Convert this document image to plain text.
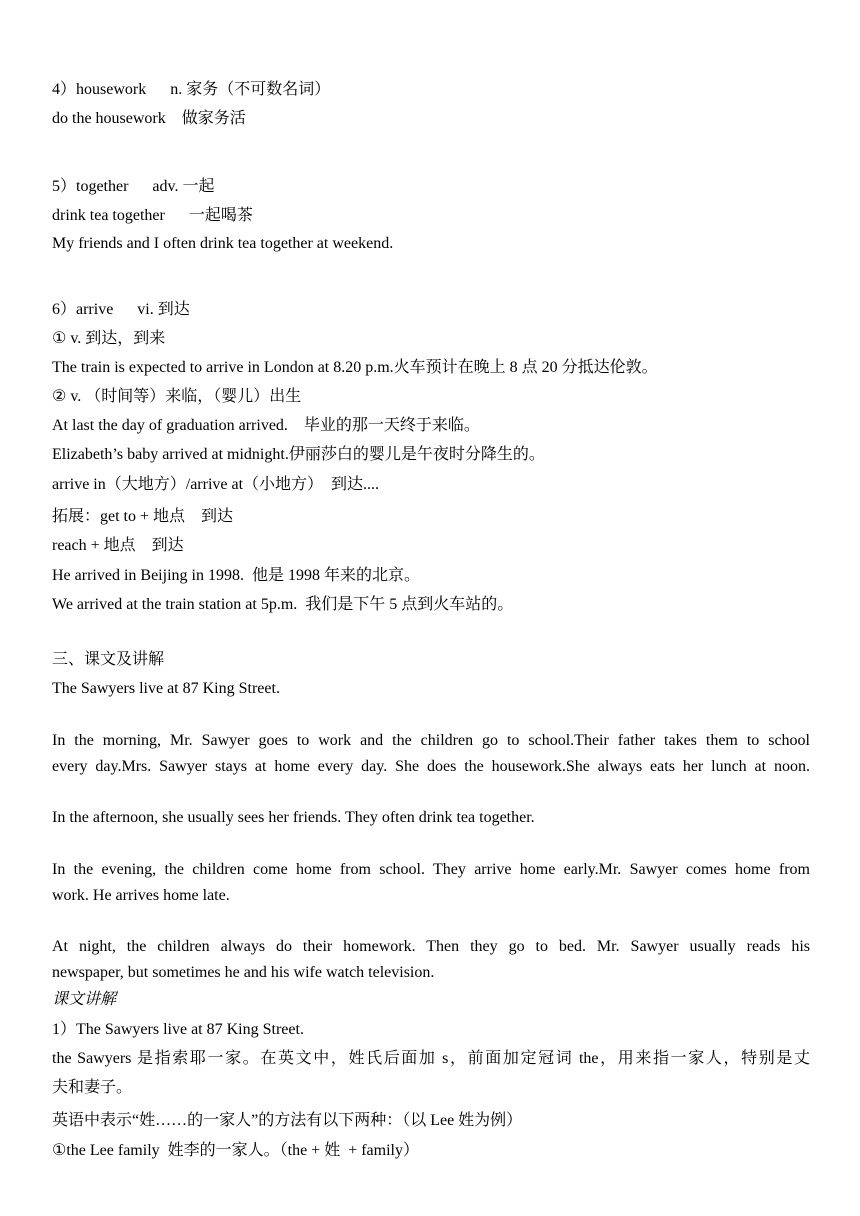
4）housework      n. 家务（不可数名词）
do the housework    做家务活
5）together      adv. 一起
drink tea together      一起喝茶
My friends and I often drink tea together at weekend.
6）arrive      vi. 到达
① v. 到达，到来
The train is expected to arrive in London at 8.20 p.m.火车预计在晚上 8 点 20 分抵达伦敦。
② v. （时间等）来临，（婴儿）出生
At last the day of graduation arrived.    毕业的那一天终于来临。
Elizabeth’s baby arrived at midnight.伊丽莎白的婴儿是午夜时分降生的。
arrive in（大地方）/arrive at（小地方）  到达....
拓展：get to + 地点    到达
reach + 地点    到达
He arrived in Beijing in 1998.  他是 1998 年来的北京。
We arrived at the train station at 5p.m.  我们是下午 5 点到火车站的。
三、课文及讲解
The Sawyers live at 87 King Street.
In the morning, Mr. Sawyer goes to work and the children go to school.Their father takes them to school
every day.Mrs. Sawyer stays at home every day. She does the housework.She always eats her lunch at noon.
In the afternoon, she usually sees her friends. They often drink tea together.
In the evening, the children come home from school. They arrive home early.Mr. Sawyer comes home from
work. He arrives home late.
At night, the children always do their homework. Then they go to bed. Mr. Sawyer usually reads his
newspaper, but sometimes he and his wife watch television.
课文讲解
1）The Sawyers live at 87 King Street.
the Sawyers 是指索耶一家。在英文中，姓氏后面加 s，前面加定冠词 the，用来指一家人，特别是丈
夫和妻子。
英语中表示“姓……的一家人”的方法有以下两种：（以 Lee 姓为例）
①the Lee family  姓李的一家人。（the + 姓  + family）
